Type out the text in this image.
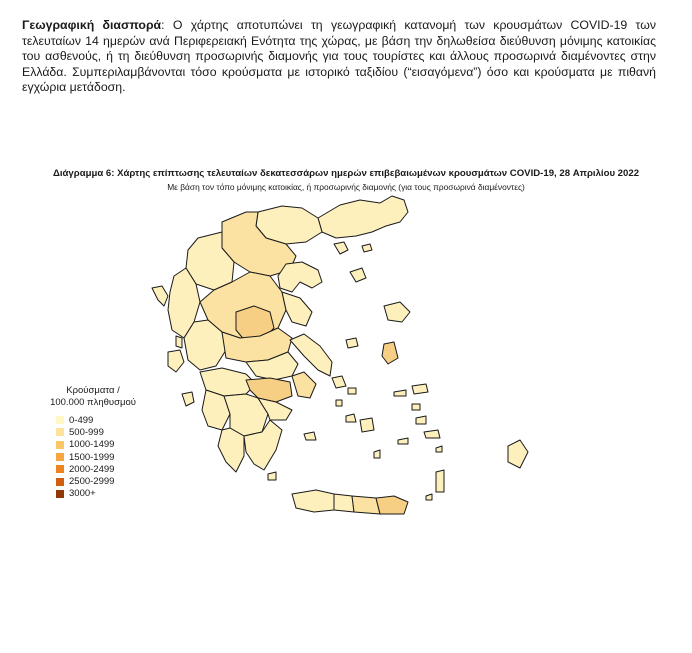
Γεωγραφική διασπορά: Ο χάρτης αποτυπώνει τη γεωγραφική κατανομή των κρουσμάτων COVID-19 των τελευταίων 14 ημερών ανά Περιφερειακή Ενότητα της χώρας, με βάση την δηλωθείσα διεύθυνση μόνιμης κατοικίας του ασθενούς, ή τη διεύθυνση προσωρινής διαμονής για τους τουρίστες και άλλους προσωρινά διαμένοντες στην Ελλάδα. Συμπεριλαμβάνονται τόσο κρούσματα με ιστορικό ταξιδίου (“εισαγόμενα”) όσο και κρούσματα με πιθανή εγχώρια μετάδοση.

Διάγραμμα 6: Χάρτης επίπτωσης τελευταίων δεκατεσσάρων ημερών επιβεβαιωμένων κρουσμάτων COVID-19, 28 Απριλίου 2022
Με βάση τον τόπο μόνιμης κατοικίας, ή προσωρινής διαμονής (για τους προσωρινά διαμένοντες)
Κρούσματα /
100.000 πληθυσμού
0-499
500-999
1000-1499
1500-1999
2000-2499
2500-2999
3000+
